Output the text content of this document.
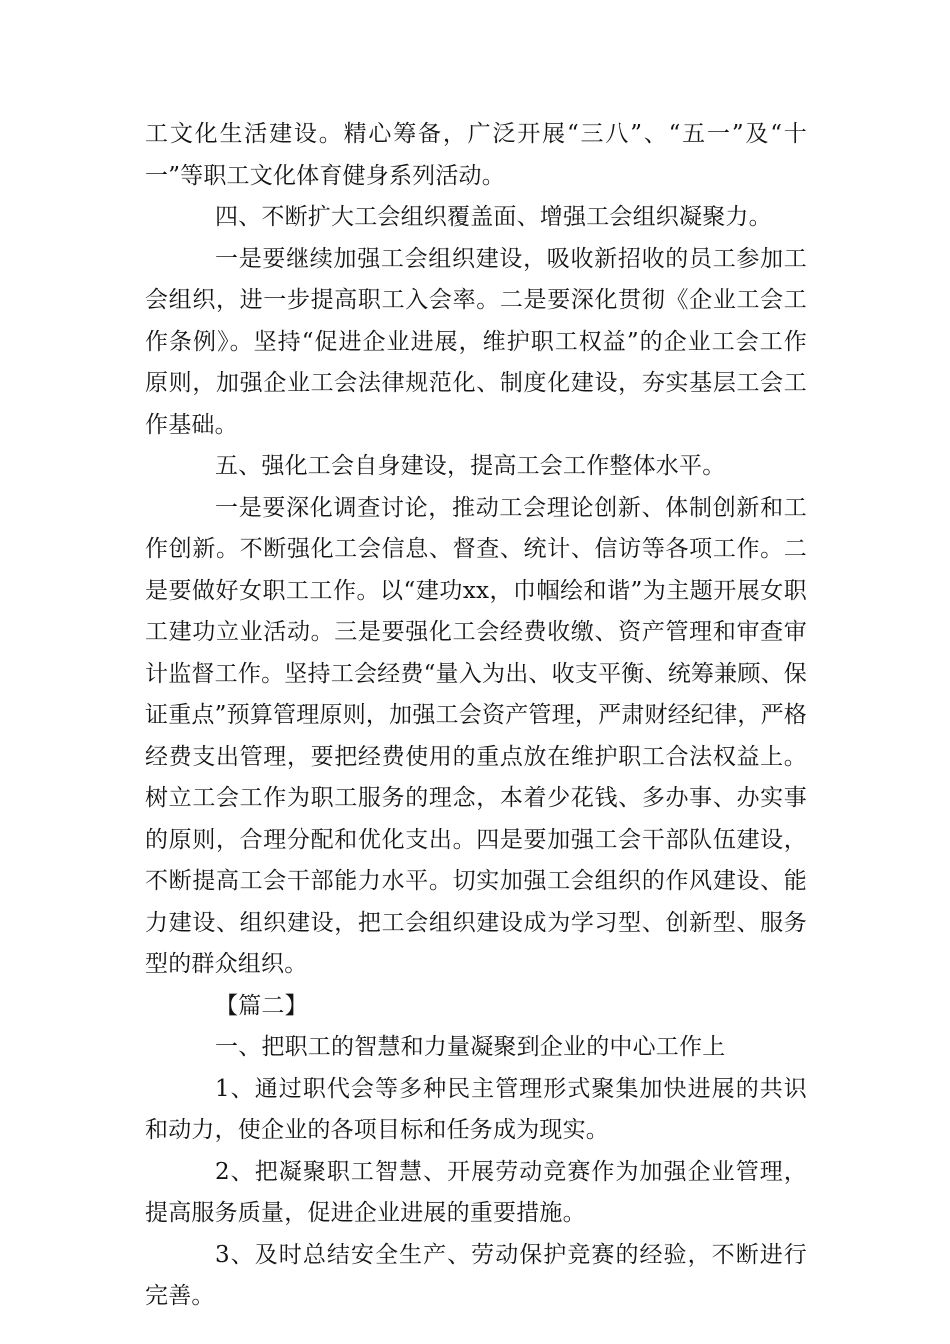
工文化生活建设。精心筹备，广泛开展“三八”、“五一”及“十一”等职工文化体育健身系列活动。

四、不断扩大工会组织覆盖面、增强工会组织凝聚力。

一是要继续加强工会组织建设，吸收新招收的员工参加工会组织，进一步提高职工入会率。二是要深化贯彻《企业工会工作条例》。坚持“促进企业进展，维护职工权益”的企业工会工作原则，加强企业工会法律规范化、制度化建设，夯实基层工会工作基础。

五、强化工会自身建设，提高工会工作整体水平。

一是要深化调查讨论，推动工会理论创新、体制创新和工作创新。不断强化工会信息、督查、统计、信访等各项工作。二是要做好女职工工作。以“建功xx，巾帼绘和谐”为主题开展女职工建功立业活动。三是要强化工会经费收缴、资产管理和审查审计监督工作。坚持工会经费“量入为出、收支平衡、统筹兼顾、保证重点”预算管理原则，加强工会资产管理，严肃财经纪律，严格经费支出管理，要把经费使用的重点放在维护职工合法权益上。树立工会工作为职工服务的理念，本着少花钱、多办事、办实事的原则，合理分配和优化支出。四是要加强工会干部队伍建设，不断提高工会干部能力水平。切实加强工会组织的作风建设、能力建设、组织建设，把工会组织建设成为学习型、创新型、服务型的群众组织。

【篇二】

一、把职工的智慧和力量凝聚到企业的中心工作上

1、通过职代会等多种民主管理形式聚集加快进展的共识和动力，使企业的各项目标和任务成为现实。

2、把凝聚职工智慧、开展劳动竞赛作为加强企业管理，提高服务质量，促进企业进展的重要措施。

3、及时总结安全生产、劳动保护竞赛的经验，不断进行完善。
